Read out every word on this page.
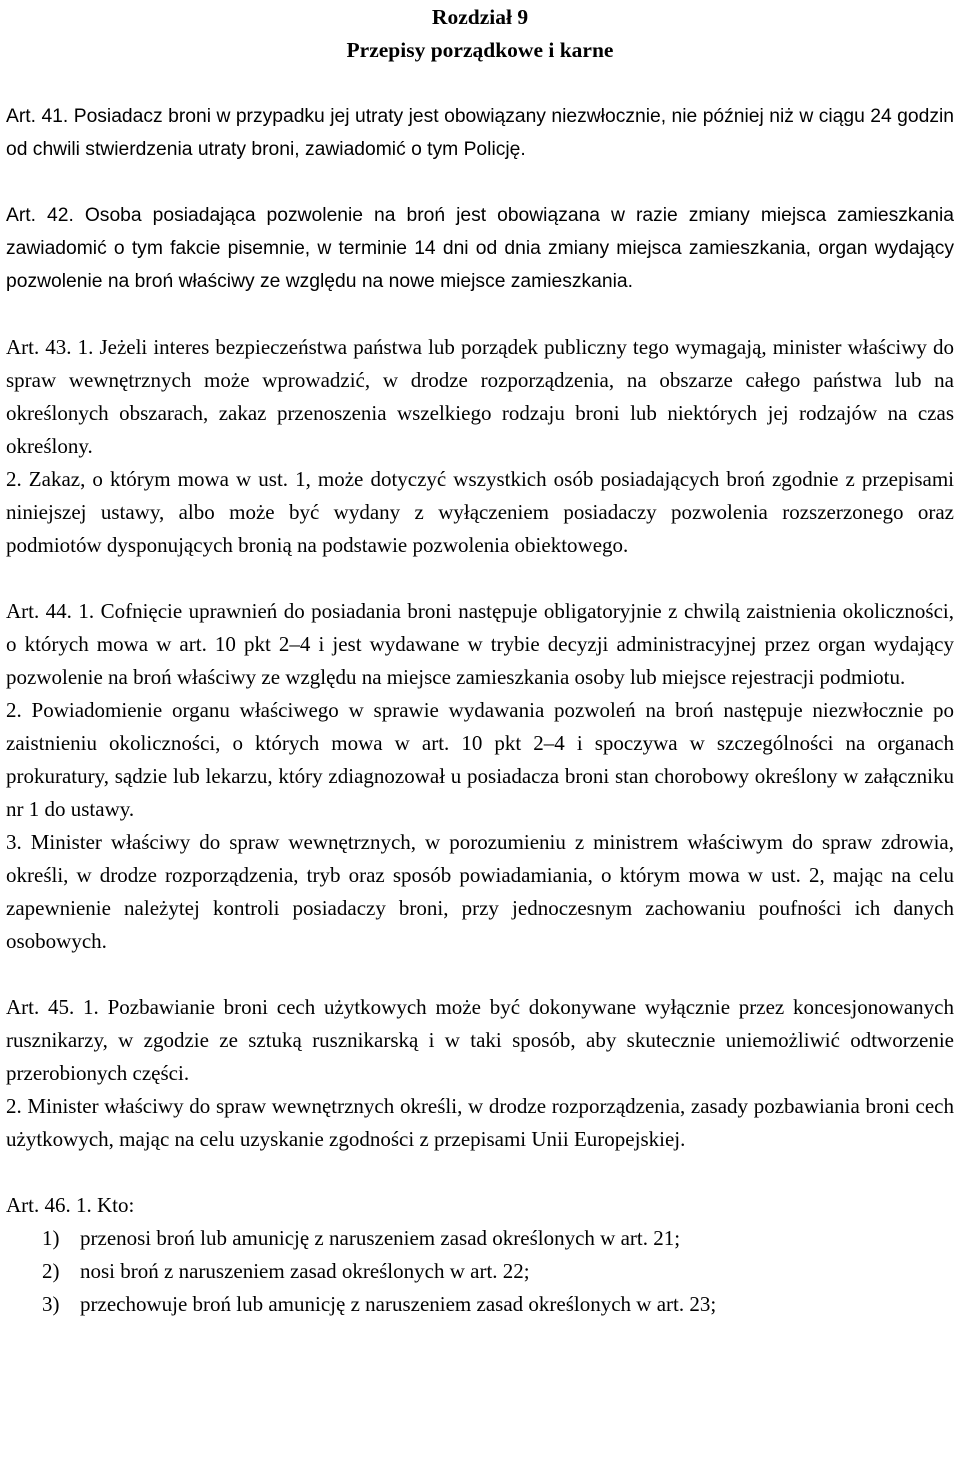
Rozdział 9

Przepisy porządkowe i karne

Art. 41. Posiadacz broni w przypadku jej utraty jest obowiązany niezwłocznie, nie później niż w ciągu 24 godzin od chwili stwierdzenia utraty broni, zawiadomić o tym Policję.

Art. 42. Osoba posiadająca pozwolenie na broń jest obowiązana w razie zmiany miejsca zamieszkania zawiadomić o tym fakcie pisemnie, w terminie 14 dni od dnia zmiany miejsca zamieszkania, organ wydający pozwolenie na broń właściwy ze względu na nowe miejsce zamieszkania.

Art. 43. 1. Jeżeli interes bezpieczeństwa państwa lub porządek publiczny tego wymagają, minister właściwy do spraw wewnętrznych może wprowadzić, w drodze rozporządzenia, na obszarze całego państwa lub na określonych obszarach, zakaz przenoszenia wszelkiego rodzaju broni lub niektórych jej rodzajów na czas określony.

2. Zakaz, o którym mowa w ust. 1, może dotyczyć wszystkich osób posiadających broń zgodnie z przepisami niniejszej ustawy, albo może być wydany z wyłączeniem posiadaczy pozwolenia rozszerzonego oraz podmiotów dysponujących bronią na podstawie pozwolenia obiektowego.

Art. 44. 1. Cofnięcie uprawnień do posiadania broni następuje obligatoryjnie z chwilą zaistnienia okoliczności, o których mowa w art. 10 pkt 2–4 i jest wydawane w trybie decyzji administracyjnej przez organ wydający pozwolenie na broń właściwy ze względu na miejsce zamieszkania osoby lub miejsce rejestracji podmiotu.

2. Powiadomienie organu właściwego w sprawie wydawania pozwoleń na broń następuje niezwłocznie po zaistnieniu okoliczności, o których mowa w art. 10 pkt 2–4 i spoczywa w szczególności na organach prokuratury, sądzie lub lekarzu, który zdiagnozował u posiadacza broni stan chorobowy określony w załączniku nr 1 do ustawy.

3. Minister właściwy do spraw wewnętrznych, w porozumieniu z ministrem właściwym do spraw zdrowia, określi, w drodze rozporządzenia, tryb oraz sposób powiadamiania, o którym mowa w ust. 2, mając na celu zapewnienie należytej kontroli posiadaczy broni, przy jednoczesnym zachowaniu poufności ich danych osobowych.

Art. 45. 1. Pozbawianie broni cech użytkowych może być dokonywane wyłącznie przez koncesjonowanych rusznikarzy, w zgodzie ze sztuką rusznikarską i w taki sposób, aby skutecznie uniemożliwić odtworzenie przerobionych części.

2. Minister właściwy do spraw wewnętrznych określi, w drodze rozporządzenia, zasady pozbawiania broni cech użytkowych, mając na celu uzyskanie zgodności z przepisami Unii Europejskiej.

Art. 46. 1. Kto:

1) przenosi broń lub amunicję z naruszeniem zasad określonych w art. 21;
2) nosi broń z naruszeniem zasad określonych w art. 22;
3) przechowuje broń lub amunicję z naruszeniem zasad określonych w art. 23;
